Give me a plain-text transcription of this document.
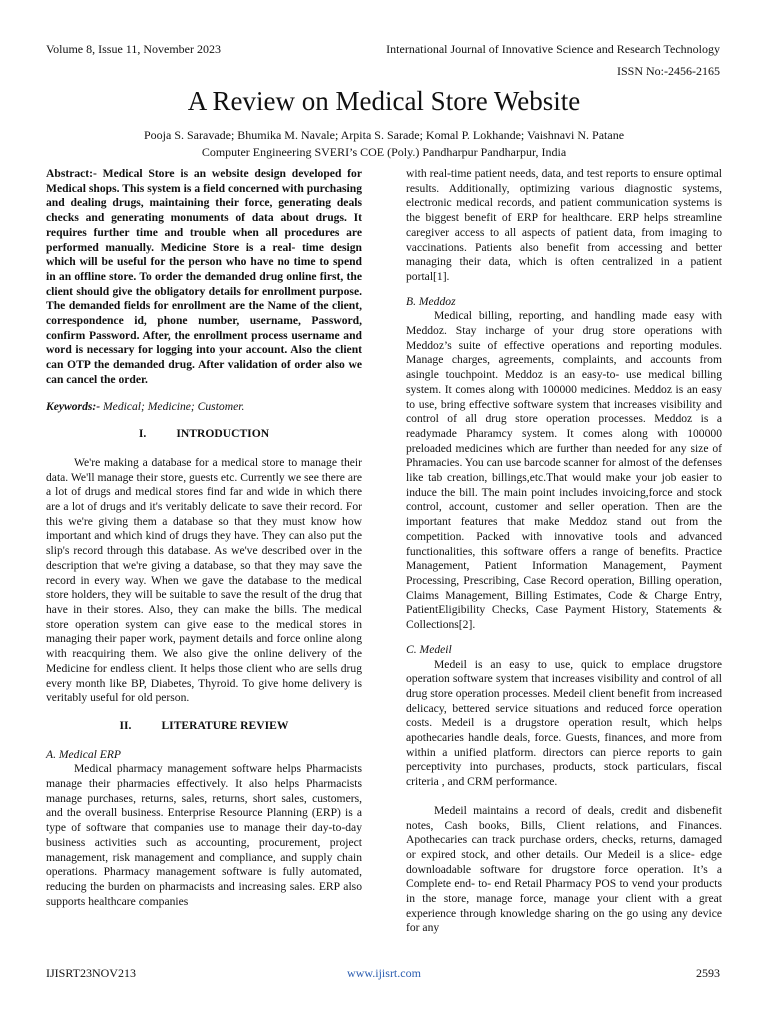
Volume 8, Issue 11, November 2023	International Journal of Innovative Science and Research Technology
ISSN No:-2456-2165
A Review on Medical Store Website
Pooja S. Saravade; Bhumika M. Navale; Arpita S. Sarade; Komal P. Lokhande; Vaishnavi N. Patane
Computer Engineering SVERI’s COE (Poly.) Pandharpur Pandharpur, India

Abstract:- Medical Store is an website design developed for Medical shops. This system is a field concerned with purchasing and dealing drugs, maintaining their force, generating deals checks and generating monuments of data about drugs. It requires further time and trouble when all procedures are performed manually. Medicine Store is a real- time design which will be useful for the person who have no time to spend in an offline store. To order the demanded drug online first, the client should give the obligatory details for enrollment purpose. The demanded fields for enrollment are the Name of the client, correspondence id, phone number, username, Password, confirm Password. After, the enrollment process username and word is necessary for logging into your account. Also the client can OTP the demanded drug. After validation of order also we can cancel the order.

Keywords:- Medical; Medicine; Customer.

I.	INTRODUCTION

We're making a database for a medical store to manage their data. We'll manage their store, guests etc. Currently we see there are a lot of drugs and medical stores find far and wide in which there are a lot of drugs and it's veritably delicate to save their record. For this we're giving them a database so that they must know how important and which kind of drugs they have. They can also put the slip's record through this database. As we've described over in the description that we're giving a database, so that they may save the record in every way. When we gave the database to the medical store holders, they will be suitable to save the result of the drug that have in their stores. Also, they can make the bills. The medical store operation system can give ease to the medical stores in managing their paper work, payment details and force online along with reacquiring them. We also give the online delivery of the Medicine for endless client. It helps those client who are sells drug every month like BP, Diabetes, Thyroid. To give home delivery is veritably useful for old person.

II.	LITERATURE REVIEW

A. Medical ERP

Medical pharmacy management software helps Pharmacists manage their pharmacies effectively. It also helps Pharmacists manage purchases, returns, sales, returns, short sales, customers, and the overall business. Enterprise Resource Planning (ERP) is a type of software that companies use to manage their day-to-day business activities such as accounting, procurement, project management, risk management and compliance, and supply chain operations. Pharmacy management software is fully automated, reducing the burden on pharmacists and increasing sales. ERP also supports healthcare companies

with real-time patient needs, data, and test reports to ensure optimal results. Additionally, optimizing various diagnostic systems, electronic medical records, and patient communication systems is the biggest benefit of ERP for healthcare. ERP helps streamline caregiver access to all aspects of patient data, from imaging to vaccinations. Patients also benefit from accessing and better managing their data, which is often centralized in a patient portal[1].

B. Meddoz

Medical billing, reporting, and handling made easy with Meddoz. Stay incharge of your drug store operations with Meddoz’s suite of effective operations and reporting modules. Manage charges, agreements, complaints, and accounts from asingle touchpoint. Meddoz is an easy-to- use medical billing system. It comes along with 100000 medicines. Meddoz is an easy to use, bring effective software system that increases visibility and control of all drug store operation processes. Meddoz is a readymade Pharamcy system. It comes along with 100000 preloaded medicines which are further than needed for any size of Phramacies. You can use barcode scanner for almost of the defenses like tab creation, billings,etc.That would make your job easier to induce the bill. The main point includes invoicing,force and stock control, account, customer and seller operation. Then are the important features that make Meddoz stand out from the competition. Packed with innovative tools and advanced functionalities, this software offers a range of benefits. Practice Management, Patient Information Management, Payment Processing, Prescribing, Case Record operation, Billing operation, Claims Management, Billing Estimates, Code & Charge Entry, PatientEligibility Checks, Case Payment History, Statements & Collections[2].

C. Medeil

Medeil is an easy to use, quick to emplace drugstore operation software system that increases visibility and control of all drug store operation processes. Medeil client benefit from increased delicacy, bettered service situations and reduced force operation costs. Medeil is a drugstore operation result, which helps apothecaries handle deals, force. Guests, finances, and more from within a unified platform. directors can pierce reports to gain perceptivity into purchases, products, stock particulars, fiscal criteria , and CRM performance.

Medeil maintains a record of deals, credit and disbenefit notes, Cash books, Bills, Client relations, and Finances. Apothecaries can track purchase orders, checks, returns, damaged or expired stock, and other details. Our Medeil is a slice- edge downloadable software for drugstore force operation. It’s a Complete end- to- end Retail Pharmacy POS to vend your products in the store, manage force, manage your client with a great experience through knowledge sharing on the go using any device for any

IJISRT23NOV213	www.ijisrt.com	2593
